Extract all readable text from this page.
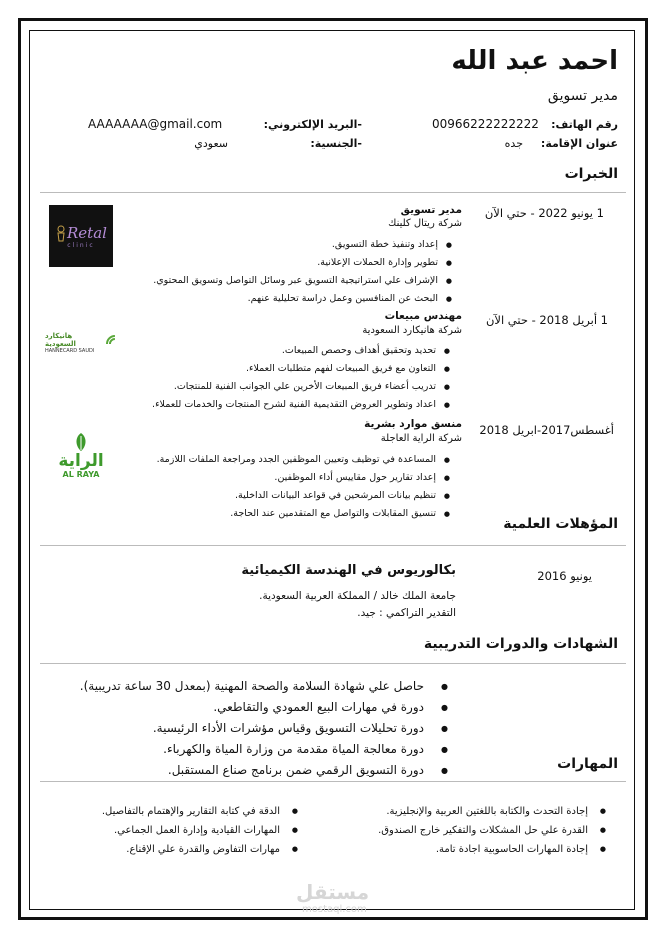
احمد عبد الله
مدير تسويق
رقم الهاتف:
00966222222222
-البريد الإلكتروني:
AAAAAAA@gmail.com
عنوان الإقامة:
جده
-الجنسية:
سعودي
الخبرات
1 يونيو 2022 - حتي الآن
مدير تسويق
شركة ريتال كلينك
● إعداد وتنفيذ خطة التسويق.
● تطوير وإدارة الحملات الإعلانية.
● الإشراف علي استراتيجية التسويق عبر وسائل التواصل وتسويق المحتوي.
● البحث عن المنافسين وعمل دراسة تحليلية عنهم.
Retal
clinic
1 أبريل 2018 - حتي الآن
مهندس مبيعات
شركة هانيكارد السعودية
● تحديد وتحقيق أهداف وحصص المبيعات.
● التعاون مع فريق المبيعات لفهم متطلبات العملاء.
● تدريب أعضاء فريق المبيعات الأخرين علي الجوانب الفنية للمنتجات.
● اعداد وتطوير العروض التقديمية الفنية لشرح المنتجات والخدمات للعملاء.
هانيكارد السعودية
HANNECARD SAUDI
أغسطس2017-ابريل 2018
منسق موارد بشرية
شركة الراية العاجلة
● المساعدة في توظيف وتعيين الموظفين الجدد ومراجعة الملفات اللازمة.
● إعداد تقارير حول مقاييس أداء الموظفين.
● تنظيم بيانات المرشحين في قواعد البيانات الداخلية.
● تنسيق المقابلات والتواصل مع المتقدمين عند الحاجة.
الراية
AL RAYA
المؤهلات العلمية
يونيو 2016
بكالوريوس في الهندسة الكيميائية
جامعة الملك خالد / المملكة العربية السعودية.
التقدير التراكمي : جيد.
الشهادات والدورات التدريبية
● حاصل علي شهادة السلامة والصحة المهنية (بمعدل 30 ساعة تدريبية).
● دورة في مهارات البيع العمودي والتقاطعي.
● دورة تحليلات التسويق وقياس مؤشرات الأداء الرئيسية.
● دورة معالجة المياة مقدمة من وزارة المياة والكهرباء.
● دورة التسويق الرقمي ضمن برنامج صناع المستقبل.	المهارات
● إجادة التحدث والكتابة باللغتين العربية والإنجليزية.
● القدرة علي حل المشكلات والتفكير خارج الصندوق.
● إجادة المهارات الحاسوبية اجادة تامة.
● الدقة في كتابة التقارير والإهتمام بالتفاصيل.
● المهارات القيادية وإدارة العمل الجماعي.
● مهارات التفاوض والقدرة علي الإقناع.
مستقل
mostaql.com
